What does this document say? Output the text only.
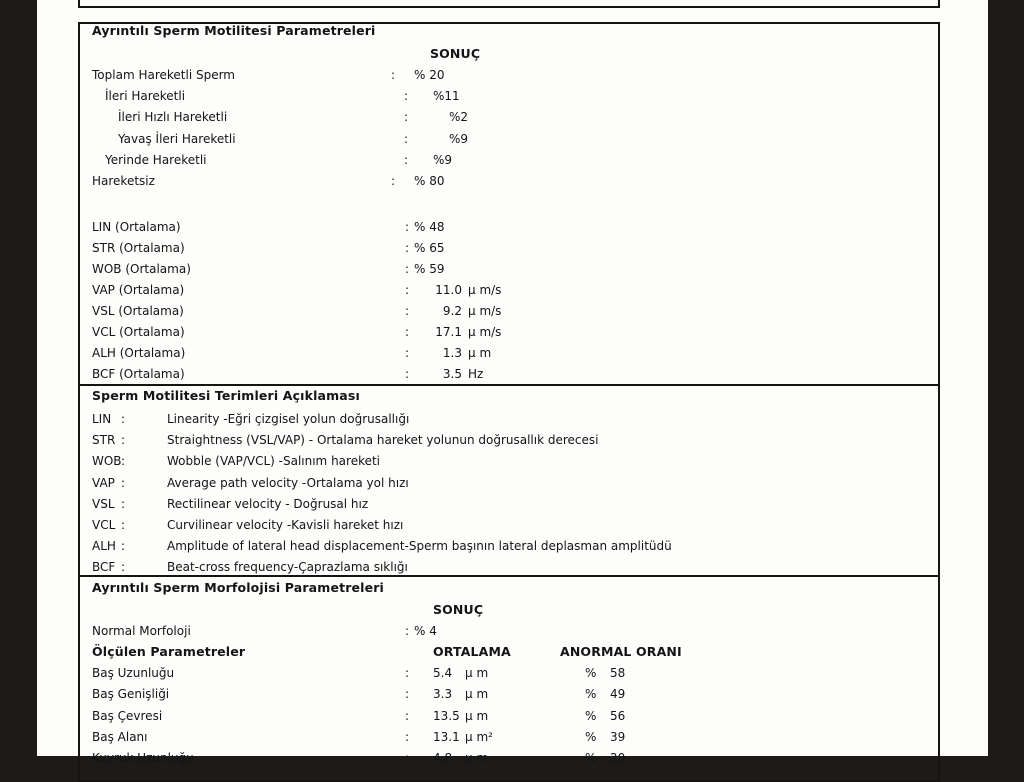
Ayrıntılı Sperm Motilitesi Parametreleri
SONUÇ
Toplam Hareketli Sperm	: % 20
İleri Hareketli	: %11
İleri Hızlı Hareketli	:	%2
Yavaş İleri Hareketli	:	%9
Yerinde Hareketli	: %9
Hareketsiz	: % 80
LIN (Ortalama)	: % 48
STR (Ortalama)	: % 65
WOB (Ortalama)	: % 59
VAP (Ortalama)	:	11.0 µ m/s
VSL (Ortalama)	:	9.2 µ m/s
VCL (Ortalama)	:	17.1 µ m/s
ALH (Ortalama)	:	1.3 µ m
BCF (Ortalama)	:	3.5 Hz
Sperm Motilitesi Terimleri Açıklaması
LIN :	Linearity -Eğri çizgisel yolun doğrusallığı
STR :	Straightness (VSL/VAP) - Ortalama hareket yolunun doğrusallık derecesi
WOB :	Wobble (VAP/VCL) -Salınım hareketi
VAP :	Average path velocity -Ortalama yol hızı
VSL :	Rectilinear velocity - Doğrusal hız
VCL :	Curvilinear velocity -Kavisli hareket hızı
ALH :	Amplitude of lateral head displacement-Sperm başının lateral deplasman amplitüdü
BCF :	Beat-cross frequency-Çaprazlama sıklığı
Ayrıntılı Sperm Morfolojisi Parametreleri
SONUÇ
Normal Morfoloji	: % 4
Ölçülen Parametreler	ORTALAMA	ANORMAL ORANI
Baş Uzunluğu	: 5.4 µ m	% 58
Baş Genişliği	: 3.3 µ m	% 49
Baş Çevresi	: 13.5 µ m	% 56
Baş Alanı	: 13.1 µ m²	% 39
Kuyruk Uzunluğu	: 4.8 µ m	% 20
